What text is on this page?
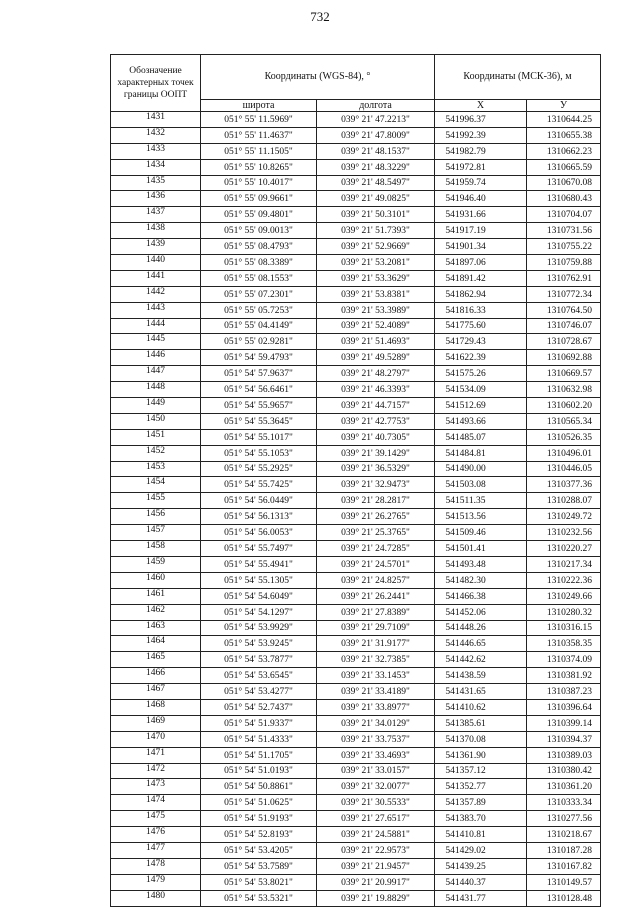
732
Обозначение характерных точек границы ООПТ	Координаты (WGS-84), °		Координаты (МСК-36), м	
	широта	долгота	Х	У
1431	051° 55' 11.5969"	039° 21' 47.2213"	541996.37	1310644.25
1432	051° 55' 11.4637"	039° 21' 47.8009"	541992.39	1310655.38
1433	051° 55' 11.1505"	039° 21' 48.1537"	541982.79	1310662.23
1434	051° 55' 10.8265"	039° 21' 48.3229"	541972.81	1310665.59
1435	051° 55' 10.4017"	039° 21' 48.5497"	541959.74	1310670.08
1436	051° 55' 09.9661"	039° 21' 49.0825"	541946.40	1310680.43
1437	051° 55' 09.4801"	039° 21' 50.3101"	541931.66	1310704.07
1438	051° 55' 09.0013"	039° 21' 51.7393"	541917.19	1310731.56
1439	051° 55' 08.4793"	039° 21' 52.9669"	541901.34	1310755.22
1440	051° 55' 08.3389"	039° 21' 53.2081"	541897.06	1310759.88
1441	051° 55' 08.1553"	039° 21' 53.3629"	541891.42	1310762.91
1442	051° 55' 07.2301"	039° 21' 53.8381"	541862.94	1310772.34
1443	051° 55' 05.7253"	039° 21' 53.3989"	541816.33	1310764.50
1444	051° 55' 04.4149"	039° 21' 52.4089"	541775.60	1310746.07
1445	051° 55' 02.9281"	039° 21' 51.4693"	541729.43	1310728.67
1446	051° 54' 59.4793"	039° 21' 49.5289"	541622.39	1310692.88
1447	051° 54' 57.9637"	039° 21' 48.2797"	541575.26	1310669.57
1448	051° 54' 56.6461"	039° 21' 46.3393"	541534.09	1310632.98
1449	051° 54' 55.9657"	039° 21' 44.7157"	541512.69	1310602.20
1450	051° 54' 55.3645"	039° 21' 42.7753"	541493.66	1310565.34
1451	051° 54' 55.1017"	039° 21' 40.7305"	541485.07	1310526.35
1452	051° 54' 55.1053"	039° 21' 39.1429"	541484.81	1310496.01
1453	051° 54' 55.2925"	039° 21' 36.5329"	541490.00	1310446.05
1454	051° 54' 55.7425"	039° 21' 32.9473"	541503.08	1310377.36
1455	051° 54' 56.0449"	039° 21' 28.2817"	541511.35	1310288.07
1456	051° 54' 56.1313"	039° 21' 26.2765"	541513.56	1310249.72
1457	051° 54' 56.0053"	039° 21' 25.3765"	541509.46	1310232.56
1458	051° 54' 55.7497"	039° 21' 24.7285"	541501.41	1310220.27
1459	051° 54' 55.4941"	039° 21' 24.5701"	541493.48	1310217.34
1460	051° 54' 55.1305"	039° 21' 24.8257"	541482.30	1310222.36
1461	051° 54' 54.6049"	039° 21' 26.2441"	541466.38	1310249.66
1462	051° 54' 54.1297"	039° 21' 27.8389"	541452.06	1310280.32
1463	051° 54' 53.9929"	039° 21' 29.7109"	541448.26	1310316.15
1464	051° 54' 53.9245"	039° 21' 31.9177"	541446.65	1310358.35
1465	051° 54' 53.7877"	039° 21' 32.7385"	541442.62	1310374.09
1466	051° 54' 53.6545"	039° 21' 33.1453"	541438.59	1310381.92
1467	051° 54' 53.4277"	039° 21' 33.4189"	541431.65	1310387.23
1468	051° 54' 52.7437"	039° 21' 33.8977"	541410.62	1310396.64
1469	051° 54' 51.9337"	039° 21' 34.0129"	541385.61	1310399.14
1470	051° 54' 51.4333"	039° 21' 33.7537"	541370.08	1310394.37
1471	051° 54' 51.1705"	039° 21' 33.4693"	541361.90	1310389.03
1472	051° 54' 51.0193"	039° 21' 33.0157"	541357.12	1310380.42
1473	051° 54' 50.8861"	039° 21' 32.0077"	541352.77	1310361.20
1474	051° 54' 51.0625"	039° 21' 30.5533"	541357.89	1310333.34
1475	051° 54' 51.9193"	039° 21' 27.6517"	541383.70	1310277.56
1476	051° 54' 52.8193"	039° 21' 24.5881"	541410.81	1310218.67
1477	051° 54' 53.4205"	039° 21' 22.9573"	541429.02	1310187.28
1478	051° 54' 53.7589"	039° 21' 21.9457"	541439.25	1310167.82
1479	051° 54' 53.8021"	039° 21' 20.9917"	541440.37	1310149.57
1480	051° 54' 53.5321"	039° 21' 19.8829"	541431.77	1310128.48
